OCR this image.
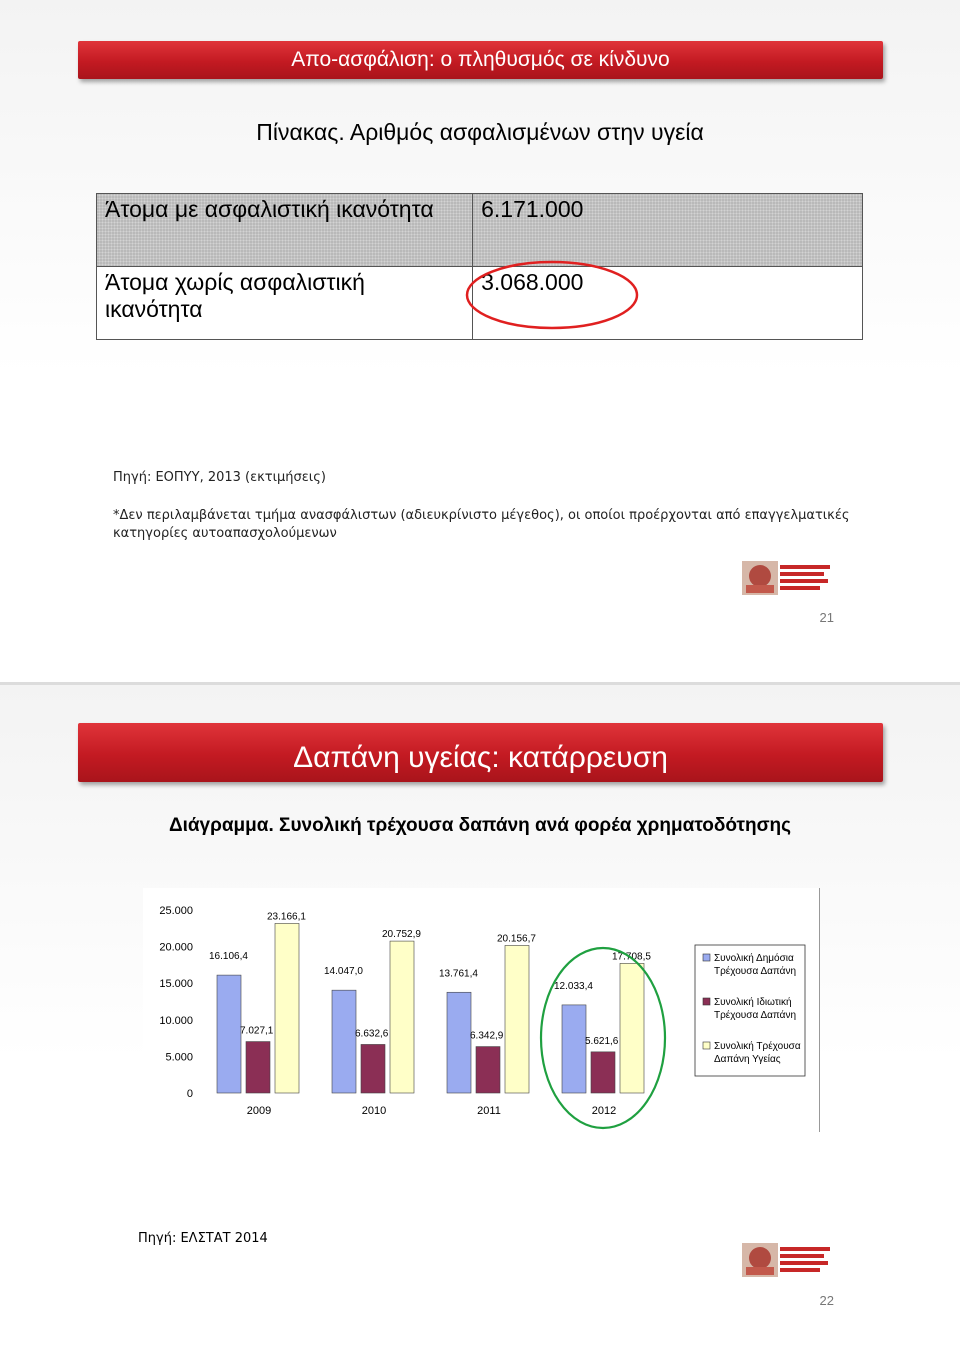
Απο-ασφάλιση: ο πληθυσμός σε κίνδυνο
Πίνακας. Αριθμός ασφαλισμένων στην υγεία
Άτομα με ασφαλιστική ικανότητα	6.171.000
Άτομα χωρίς ασφαλιστική ικανότητα	3.068.000
Πηγή: ΕΟΠΥΥ, 2013 (εκτιμήσεις)
*Δεν περιλαμβάνεται τμήμα ανασφάλιστων (αδιευκρίνιστο μέγεθος), οι οποίοι προέρχονται από επαγγελματικές κατηγορίες αυτοαπασχολούμενων
21
Δαπάνη υγείας: κατάρρευση
Διάγραμμα. Συνολική τρέχουσα δαπάνη ανά φορέα χρηματοδότησης
0
5.000
10.000
15.000
20.000
25.000
16.106,4
7.027,1
23.166,1
2009
14.047,0
6.632,6
20.752,9
2010
13.761,4
6.342,9
20.156,7
2011
12.033,4
5.621,6
17.708,5
2012
Συνολική Δημόσια
Τρέχουσα Δαπάνη
Συνολική Ιδιωτική
Τρέχουσα Δαπάνη
Συνολική Τρέχουσα
Δαπάνη Υγείας
Πηγή: ΕΛΣΤΑΤ 2014
22
